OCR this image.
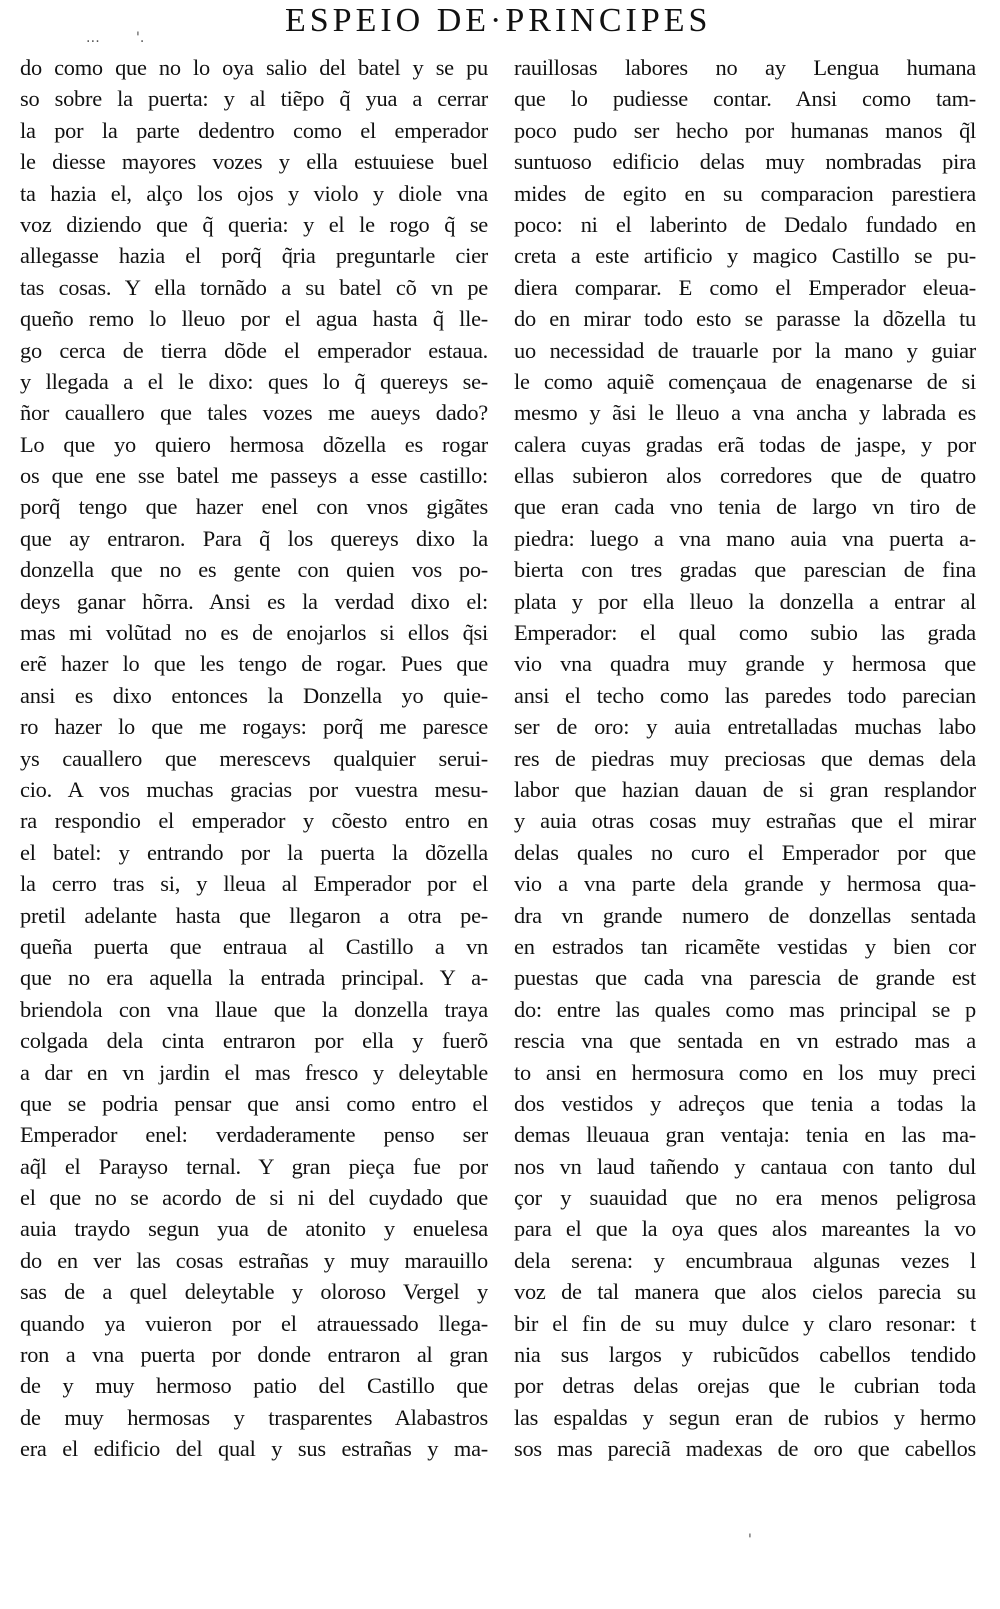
ESPEIO DE·PRINCIPES
.‥	'.
'
do como que no lo oya salio del batel y se pu
so sobre la puerta: y al tiẽpo q̃ yua a cerrar
la por la parte dedentro como el emperador
le diesse mayores vozes y ella estuuiese buel
ta hazia el, alço los ojos y violo y diole vna
voz diziendo que q̃ queria: y el le rogo q̃ se
allegasse hazia el porq̃ q̃ria preguntarle cier
tas cosas. Y ella tornãdo a su batel cõ vn pe
queño remo lo lleuo por el agua hasta q̃ lle-
go cerca de tierra dõde el emperador estaua.
y llegada a el le dixo: ques lo q̃ quereys se-
ñor cauallero que tales vozes me aueys dado?
Lo que yo quiero hermosa dõzella es rogar
os que ene sse batel me passeys a esse castillo:
porq̃ tengo que hazer enel con vnos gigãtes
que ay entraron. Para q̃ los quereys dixo la
donzella que no es gente con quien vos po-
deys ganar hõrra. Ansi es la verdad dixo el:
mas mi volũtad no es de enojarlos si ellos q̃si
erẽ hazer lo que les tengo de rogar. Pues que
ansi es dixo entonces la Donzella yo quie-
ro hazer lo que me rogays: porq̃ me paresce
ys cauallero que merescevs qualquier serui-
cio. A vos muchas gracias por vuestra mesu-
ra respondio el emperador y cõesto entro en
el batel: y entrando por la puerta la dõzella
la cerro tras si, y lleua al Emperador por el
pretil adelante hasta que llegaron a otra pe-
queña puerta que entraua al Castillo a vn
que no era aquella la entrada principal. Y a-
briendola con vna llaue que la donzella traya
colgada dela cinta entraron por ella y fuerõ
a dar en vn jardin el mas fresco y deleytable
que se podria pensar que ansi como entro el
Emperador enel: verdaderamente penso ser
aq̃l el Parayso ternal. Y gran pieça fue por
el que no se acordo de si ni del cuydado que
auia traydo segun yua de atonito y enuelesa
do en ver las cosas estrañas y muy marauillo
sas de a quel deleytable y oloroso Vergel y
quando ya vuieron por el atrauessado llega-
ron a vna puerta por donde entraron al gran
de y muy hermoso patio del Castillo que
de muy hermosas y trasparentes Alabastros
era el edificio del qual y sus estrañas y ma-
rauillosas labores no ay Lengua humana
que lo pudiesse contar. Ansi como tam-
poco pudo ser hecho por humanas manos q̃l
suntuoso edificio delas muy nombradas pira
mides de egito en su comparacion parestiera
poco: ni el laberinto de Dedalo fundado en
creta a este artificio y magico Castillo se pu-
diera comparar. E como el Emperador eleua-
do en mirar todo esto se parasse la dõzella tu
uo necessidad de trauarle por la mano y guiar
le como aquiẽ començaua de enagenarse de si
mesmo y ãsi le lleuo a vna ancha y labrada es
calera cuyas gradas erã todas de jaspe, y por
ellas subieron alos corredores que de quatro
que eran cada vno tenia de largo vn tiro de
piedra: luego a vna mano auia vna puerta a-
bierta con tres gradas que parescian de fina
plata y por ella lleuo la donzella a entrar al
Emperador: el qual como subio las grada
vio vna quadra muy grande y hermosa que
ansi el techo como las paredes todo parecian
ser de oro: y auia entretalladas muchas labo
res de piedras muy preciosas que demas dela
labor que hazian dauan de si gran resplandor
y auia otras cosas muy estrañas que el mirar
delas quales no curo el Emperador por que
vio a vna parte dela grande y hermosa qua-
dra vn grande numero de donzellas sentada
en estrados tan ricamẽte vestidas y bien cor
puestas que cada vna parescia de grande est
do: entre las quales como mas principal se p
rescia vna que sentada en vn estrado mas a
to ansi en hermosura como en los muy preci
dos vestidos y adreços que tenia a todas la
demas lleuaua gran ventaja: tenia en las ma-
nos vn laud tañendo y cantaua con tanto dul
çor y suauidad que no era menos peligrosa
para el que la oya ques alos mareantes la vo
dela serena: y encumbraua algunas vezes l
voz de tal manera que alos cielos parecia su
bir el fin de su muy dulce y claro resonar: t
nia sus largos y rubicũdos cabellos tendido
por detras delas orejas que le cubrian toda
las espaldas y segun eran de rubios y hermo
sos mas pareciã madexas de oro que cabellos
